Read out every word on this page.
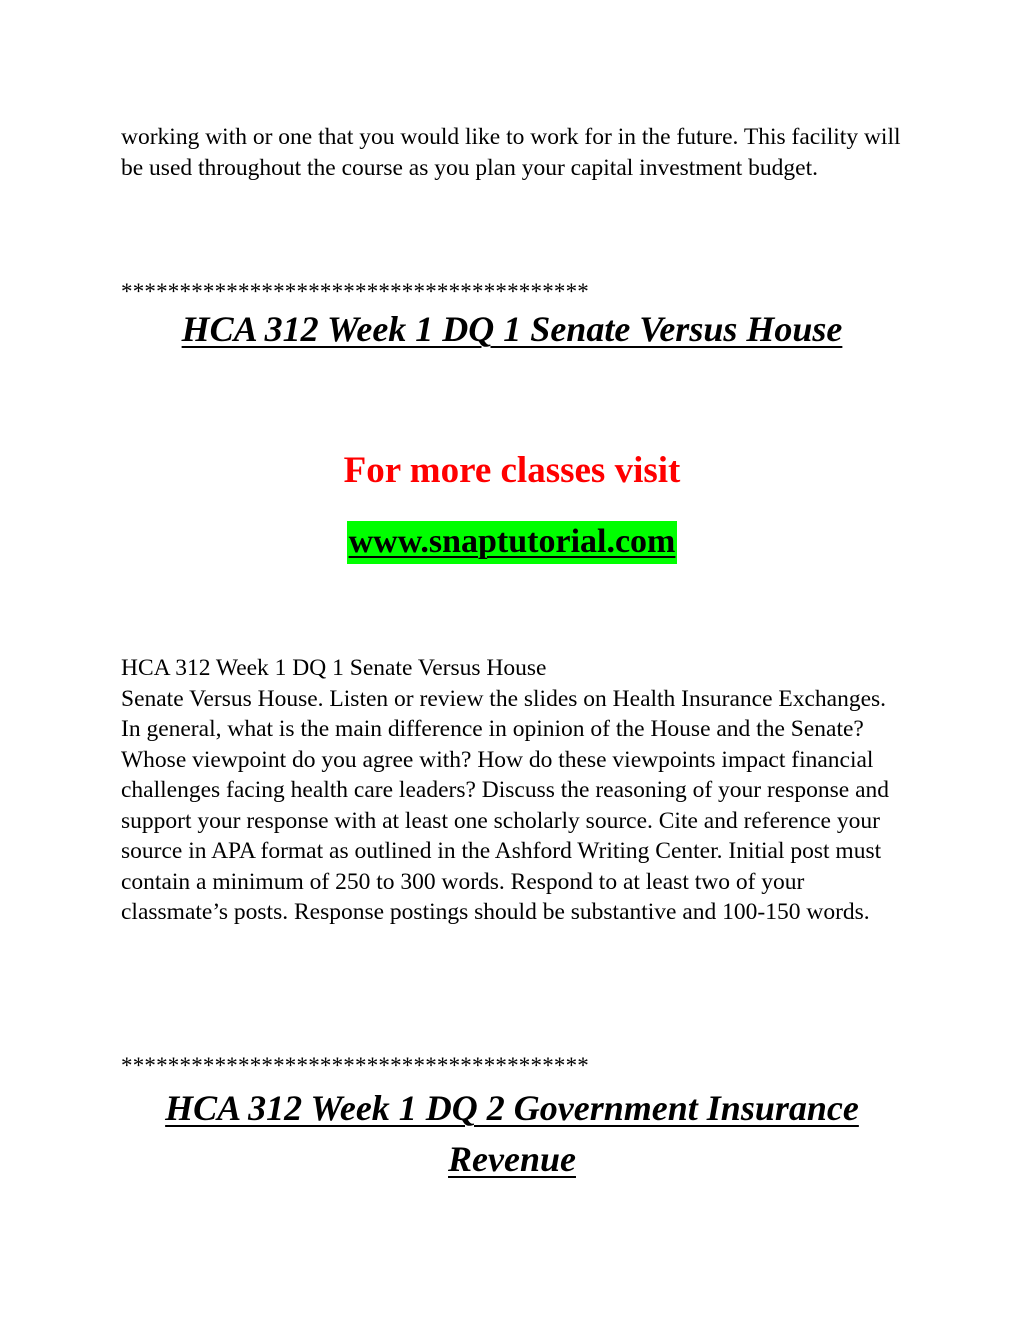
working with or one that you would like to work for in the future. This facility will be used throughout the course as you plan your capital investment budget.

****************************************

HCA 312 Week 1 DQ 1 Senate Versus House

For more classes visit

www.snaptutorial.com

HCA 312 Week 1 DQ 1 Senate Versus House
Senate Versus House. Listen or review the slides on Health Insurance Exchanges. In general, what is the main difference in opinion of the House and the Senate? Whose viewpoint do you agree with? How do these viewpoints impact financial challenges facing health care leaders? Discuss the reasoning of your response and support your response with at least one scholarly source. Cite and reference your source in APA format as outlined in the Ashford Writing Center. Initial post must contain a minimum of 250 to 300 words. Respond to at least two of your classmate’s posts. Response postings should be substantive and 100-150 words.

****************************************

HCA 312 Week 1 DQ 2 Government Insurance
Revenue
